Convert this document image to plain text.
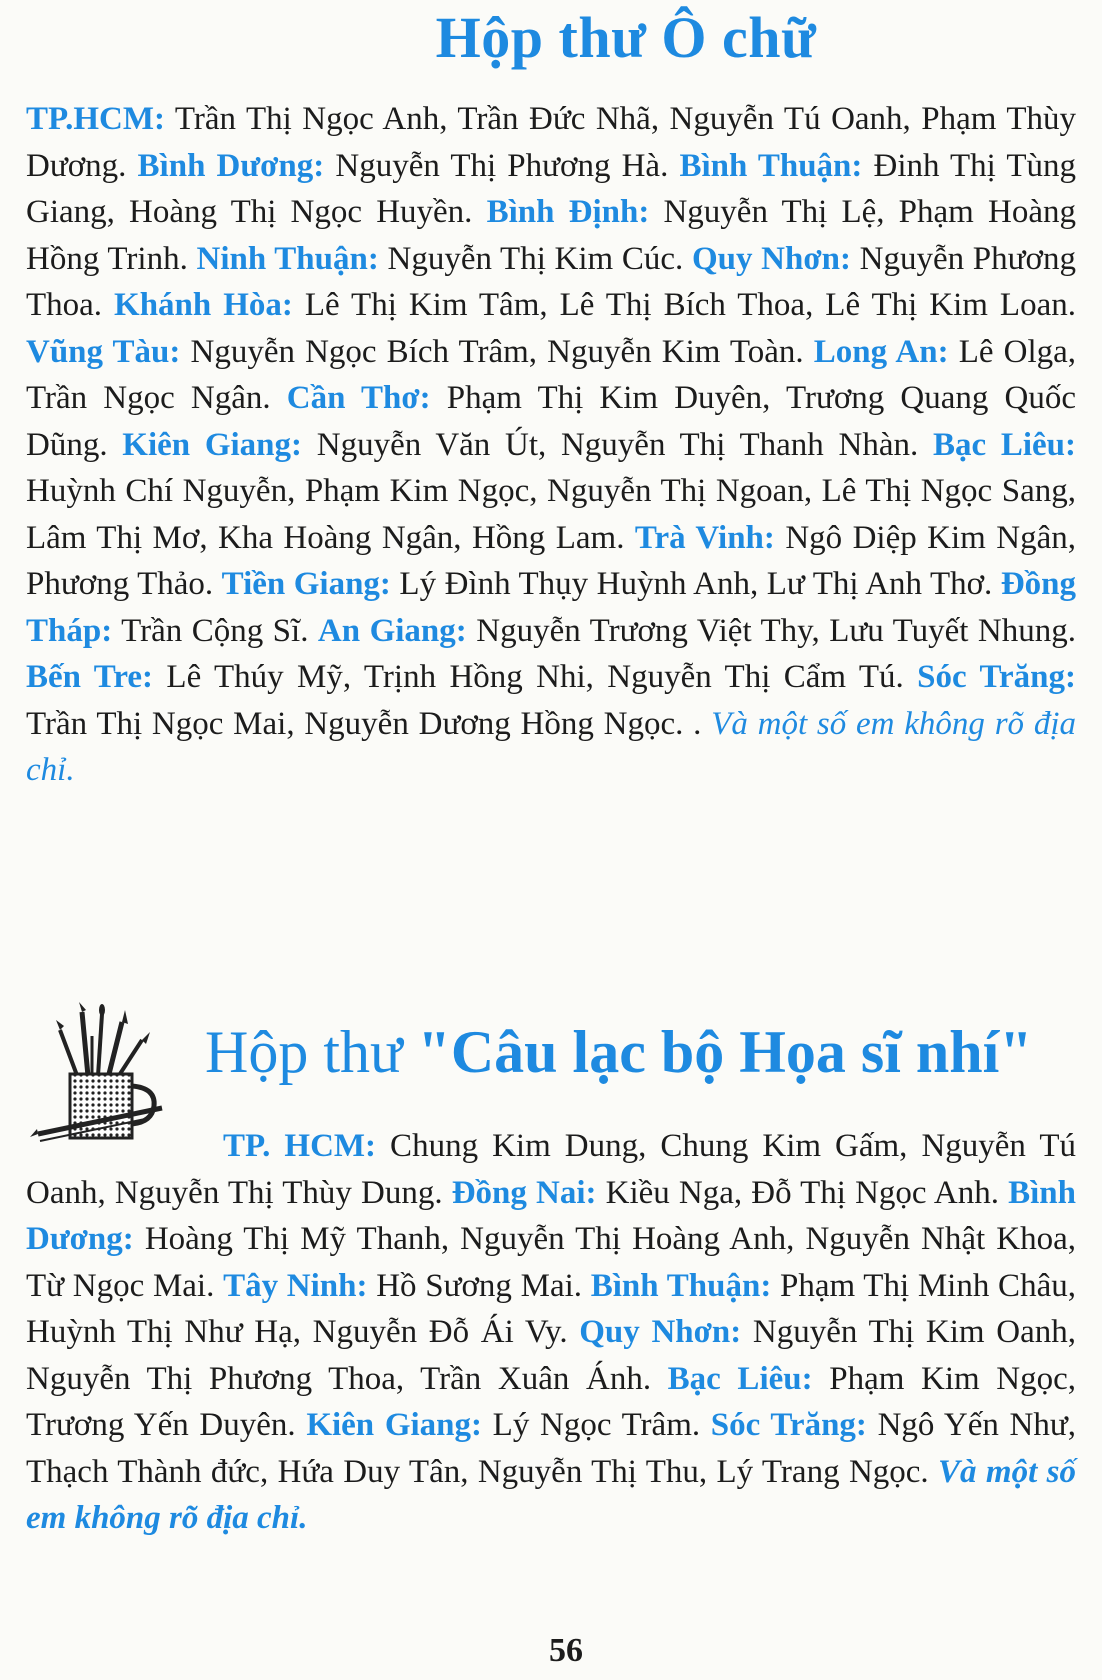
Hộp thư Ô chữ
TP.HCM: Trần Thị Ngọc Anh, Trần Đức Nhã, Nguyễn Tú Oanh, Phạm Thùy Dương. Bình Dương: Nguyễn Thị Phương Hà. Bình Thuận: Đinh Thị Tùng Giang, Hoàng Thị Ngọc Huyền. Bình Định: Nguyễn Thị Lệ, Phạm Hoàng Hồng Trinh. Ninh Thuận: Nguyễn Thị Kim Cúc. Quy Nhơn: Nguyễn Phương Thoa. Khánh Hòa: Lê Thị Kim Tâm, Lê Thị Bích Thoa, Lê Thị Kim Loan. Vũng Tàu: Nguyễn Ngọc Bích Trâm, Nguyễn Kim Toàn. Long An: Lê Olga, Trần Ngọc Ngân. Cần Thơ: Phạm Thị Kim Duyên, Trương Quang Quốc Dũng. Kiên Giang: Nguyễn Văn Út, Nguyễn Thị Thanh Nhàn. Bạc Liêu: Huỳnh Chí Nguyễn, Phạm Kim Ngọc, Nguyễn Thị Ngoan, Lê Thị Ngọc Sang, Lâm Thị Mơ, Kha Hoàng Ngân, Hồng Lam. Trà Vinh: Ngô Diệp Kim Ngân, Phương Thảo. Tiền Giang: Lý Đình Thụy Huỳnh Anh, Lư Thị Anh Thơ. Đồng Tháp: Trần Cộng Sĩ. An Giang: Nguyễn Trương Việt Thy, Lưu Tuyết Nhung. Bến Tre: Lê Thúy Mỹ, Trịnh Hồng Nhi, Nguyễn Thị Cẩm Tú. Sóc Trăng: Trần Thị Ngọc Mai, Nguyễn Dương Hồng Ngọc. . Và một số em không rõ địa chỉ.
Hộp thư "Câu lạc bộ Họa sĩ nhí"
TP. HCM: Chung Kim Dung, Chung Kim Gấm, Nguyễn Tú Oanh, Nguyễn Thị Thùy Dung. Đồng Nai: Kiều Nga, Đỗ Thị Ngọc Anh. Bình Dương: Hoàng Thị Mỹ Thanh, Nguyễn Thị Hoàng Anh, Nguyễn Nhật Khoa, Từ Ngọc Mai. Tây Ninh: Hồ Sương Mai. Bình Thuận: Phạm Thị Minh Châu, Huỳnh Thị Như Hạ, Nguyễn Đỗ Ái Vy. Quy Nhơn: Nguyễn Thị Kim Oanh, Nguyễn Thị Phương Thoa, Trần Xuân Ánh. Bạc Liêu: Phạm Kim Ngọc, Trương Yến Duyên. Kiên Giang: Lý Ngọc Trâm. Sóc Trăng: Ngô Yến Như, Thạch Thành đức, Hứa Duy Tân, Nguyễn Thị Thu, Lý Trang Ngọc. Và một số em không rõ địa chỉ.
56
